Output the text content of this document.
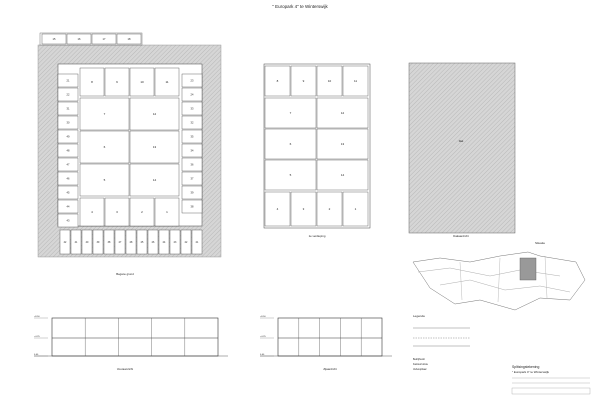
" Europark 4" te Winterswijk
15	16	17	18
21
22
31
30
49
48
47
46
45
44
43
23
24
33
32
35
34
36
37
39
38
8	9	10	11
7	12
6	13
5	14
4	3	2	1
42	41	40	39	38	27	28	25	26	24	23	22	21
Begane grond
8	9	10	11
7	12
6	13
5	14
4	3	2	1
1e verdieping
Dak
Dakaanzicht
Situatie
+8.50
+4.25
0.00
+8.50
+4.25
0.00
Vooraanzicht	Zijaanzicht
Legenda
Bedrijfsunit
Kantoorruimte
Verkoopbaar
Splitsingstekening
" Europark 4" te Winterswijk
